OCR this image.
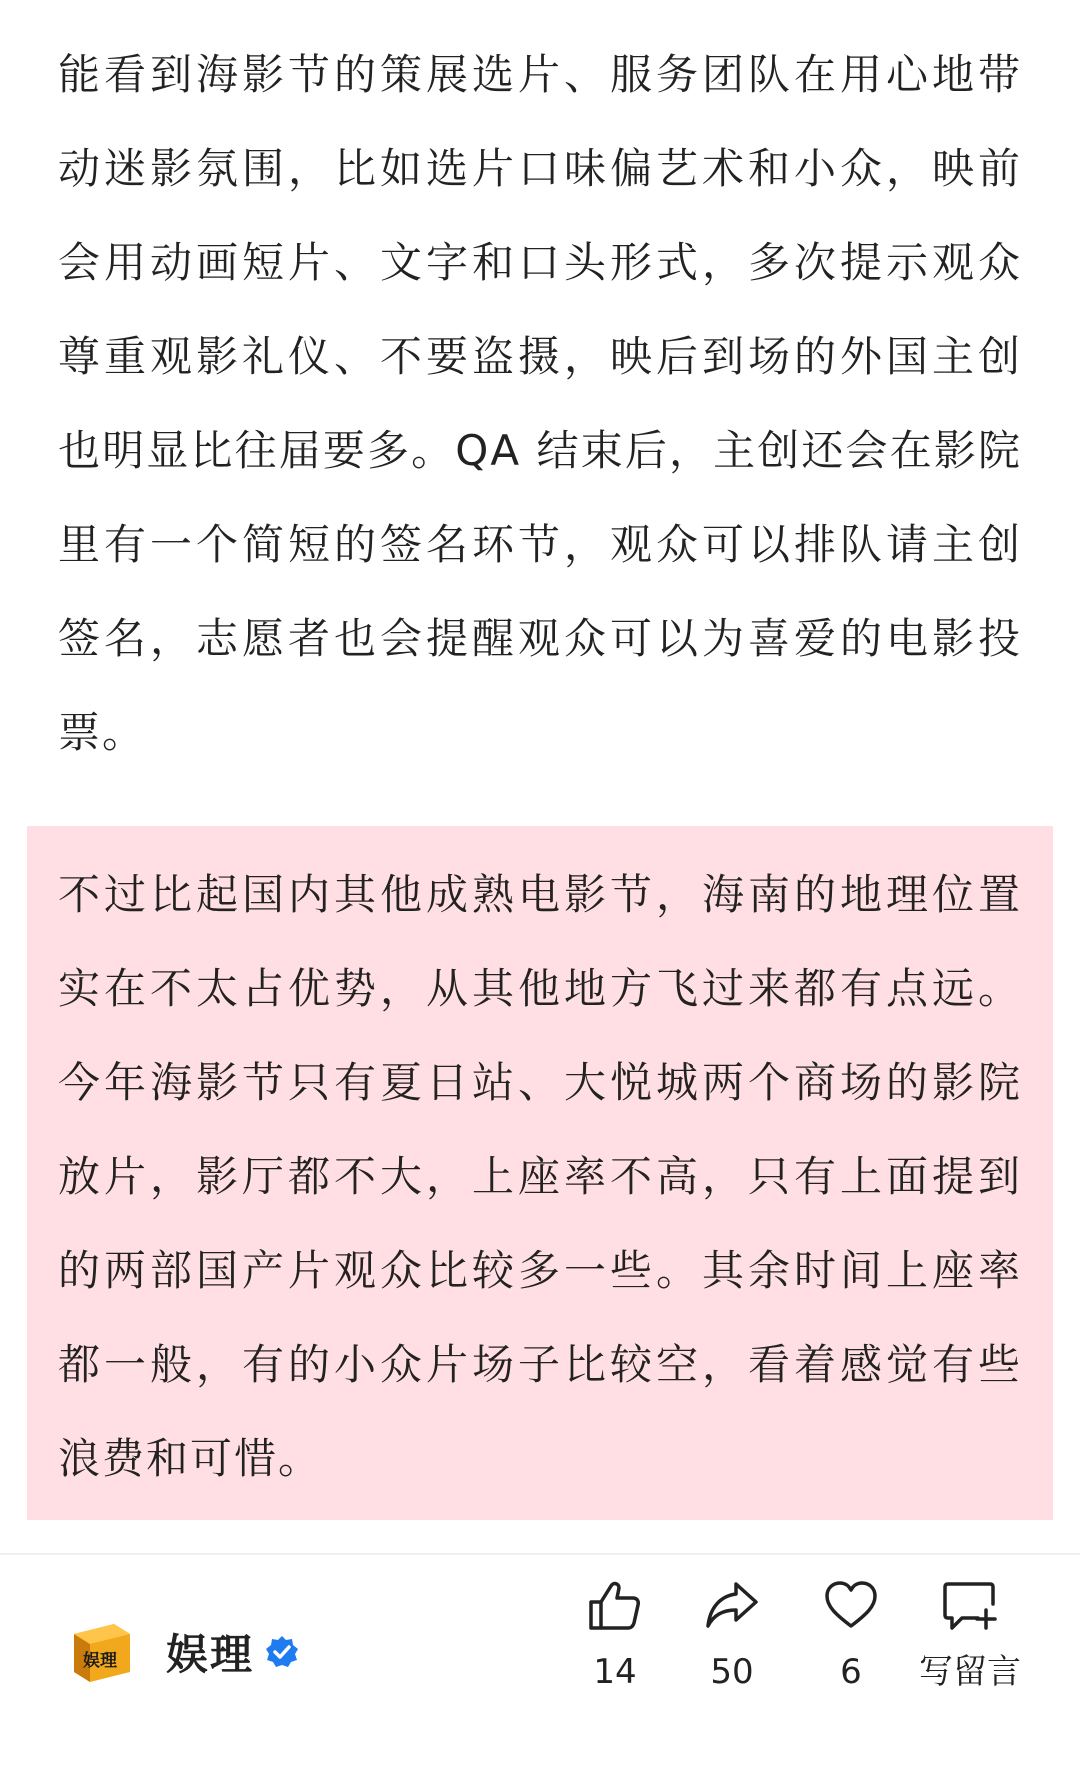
能看到海影节的策展选片、服务团队在用心地带动迷影氛围，比如选片口味偏艺术和小众，映前会用动画短片、文字和口头形式，多次提示观众尊重观影礼仪、不要盗摄，映后到场的外国主创也明显比往届要多。QA 结束后，主创还会在影院里有一个简短的签名环节，观众可以排队请主创签名，志愿者也会提醒观众可以为喜爱的电影投票。

不过比起国内其他成熟电影节，海南的地理位置实在不太占优势，从其他地方飞过来都有点远。今年海影节只有夏日站、大悦城两个商场的影院放片，影厅都不大，上座率不高，只有上面提到的两部国产片观众比较多一些。其余时间上座率都一般，有的小众片场子比较空，看着感觉有些浪费和可惜。

娱理 娱理	14	50	6	写留言
